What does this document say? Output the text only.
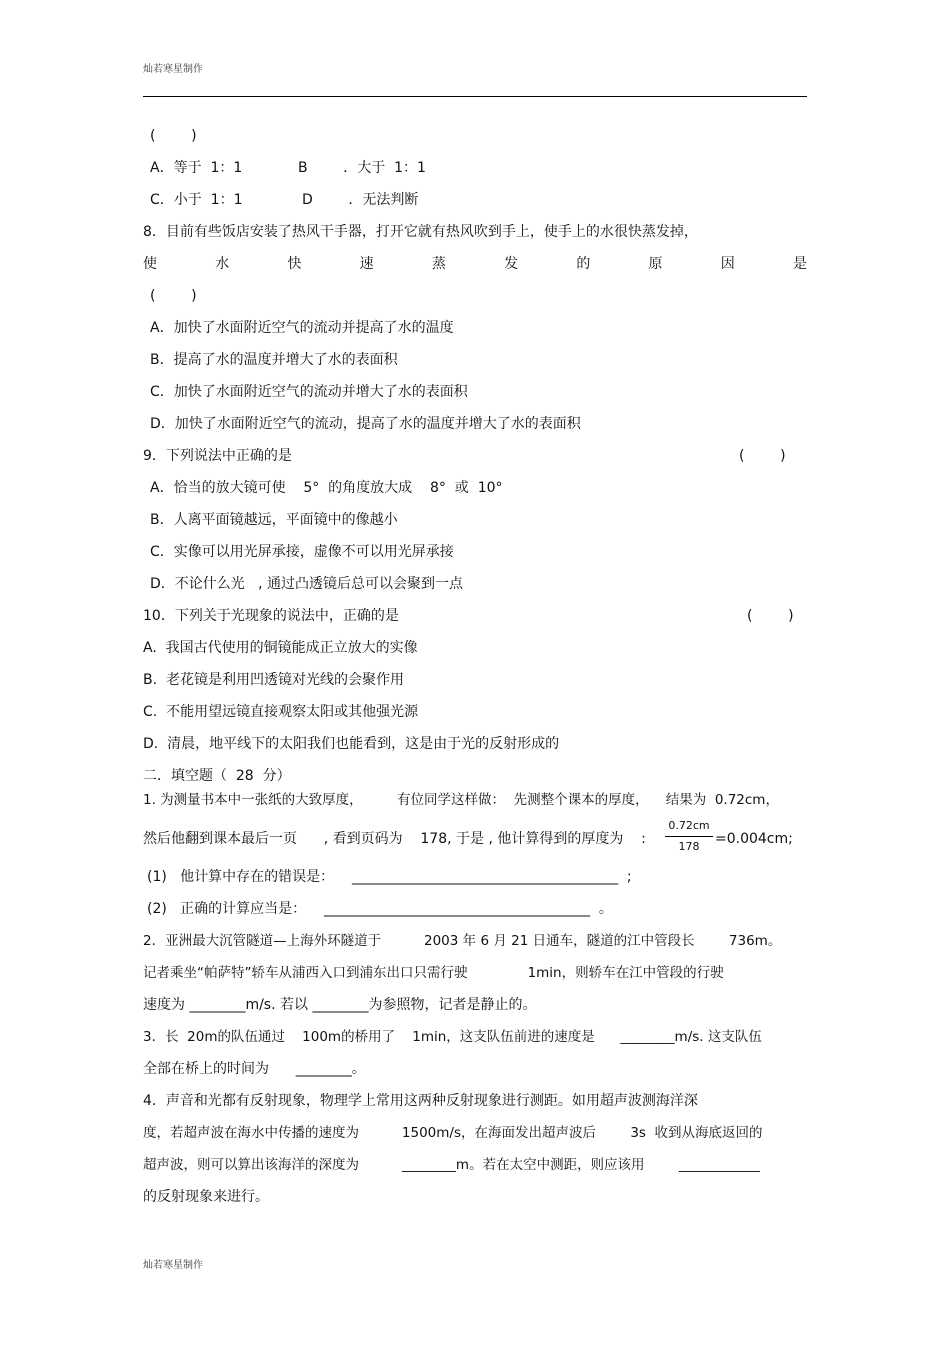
灿若寒星制作
(        )
A．等于  1：1	B        ．大于  1：1
C．小于  1：1	D        ．无法判断
8．目前有些饭店安装了热风干手器，打开它就有热风吹到手上，使手上的水很快蒸发掉，
使	水	快	速	蒸	发	的	原	因	是
(        )
A．加快了水面附近空气的流动并提高了水的温度
B．提高了水的温度并增大了水的表面积
C．加快了水面附近空气的流动并增大了水的表面积
D．加快了水面附近空气的流动，提高了水的温度并增大了水的表面积
9．下列说法中正确的是	(        )
A．恰当的放大镜可使    5°  的角度放大成    8°  或  10°
B．人离平面镜越远，平面镜中的像越小
C．实像可以用光屏承接，虚像不可以用光屏承接
D．不论什么光   , 通过凸透镜后总可以会聚到一点
10．下列关于光现象的说法中，正确的是	(        )
A.  我国古代使用的铜镜能成正立放大的实像
B.  老花镜是利用凹透镜对光线的会聚作用
C.  不能用望远镜直接观察太阳或其他强光源
D.  清晨，地平线下的太阳我们也能看到，这是由于光的反射形成的
二．填空题（  28  分）
1. 为测量书本中一张纸的大致厚度，        有位同学这样做：  先测整个课本的厚度，    结果为  0.72cm，
然后他翻到课本最后一页      , 看到页码为    178, 于是 , 他计算得到的厚度为    :
0.72cm
178	=0.004cm;
(1)   他计算中存在的错误是：    ______________________________________  ;
(2)   正确的计算应当是：    ______________________________________  。
2．亚洲最大沉管隧道—上海外环隧道于          2003 年 6 月 21 日通车，隧道的江中管段长        736m。
记者乘坐“帕萨特”轿车从浦西入口到浦东出口只需行驶              1min，则轿车在江中管段的行驶
速度为 ________m/s. 若以 ________为参照物，记者是静止的。
3．长  20m的队伍通过    100m的桥用了    1min，这支队伍前进的速度是      ________m/s. 这支队伍
全部在桥上的时间为      ________。
4．声音和光都有反射现象，物理学上常用这两种反射现象进行测距。如用超声波测海洋深
度，若超声波在海水中传播的速度为          1500m/s，在海面发出超声波后        3s  收到从海底返回的
超声波，则可以算出该海洋的深度为          ________m。若在太空中测距，则应该用        ____________
的反射现象来进行。
灿若寒星制作
